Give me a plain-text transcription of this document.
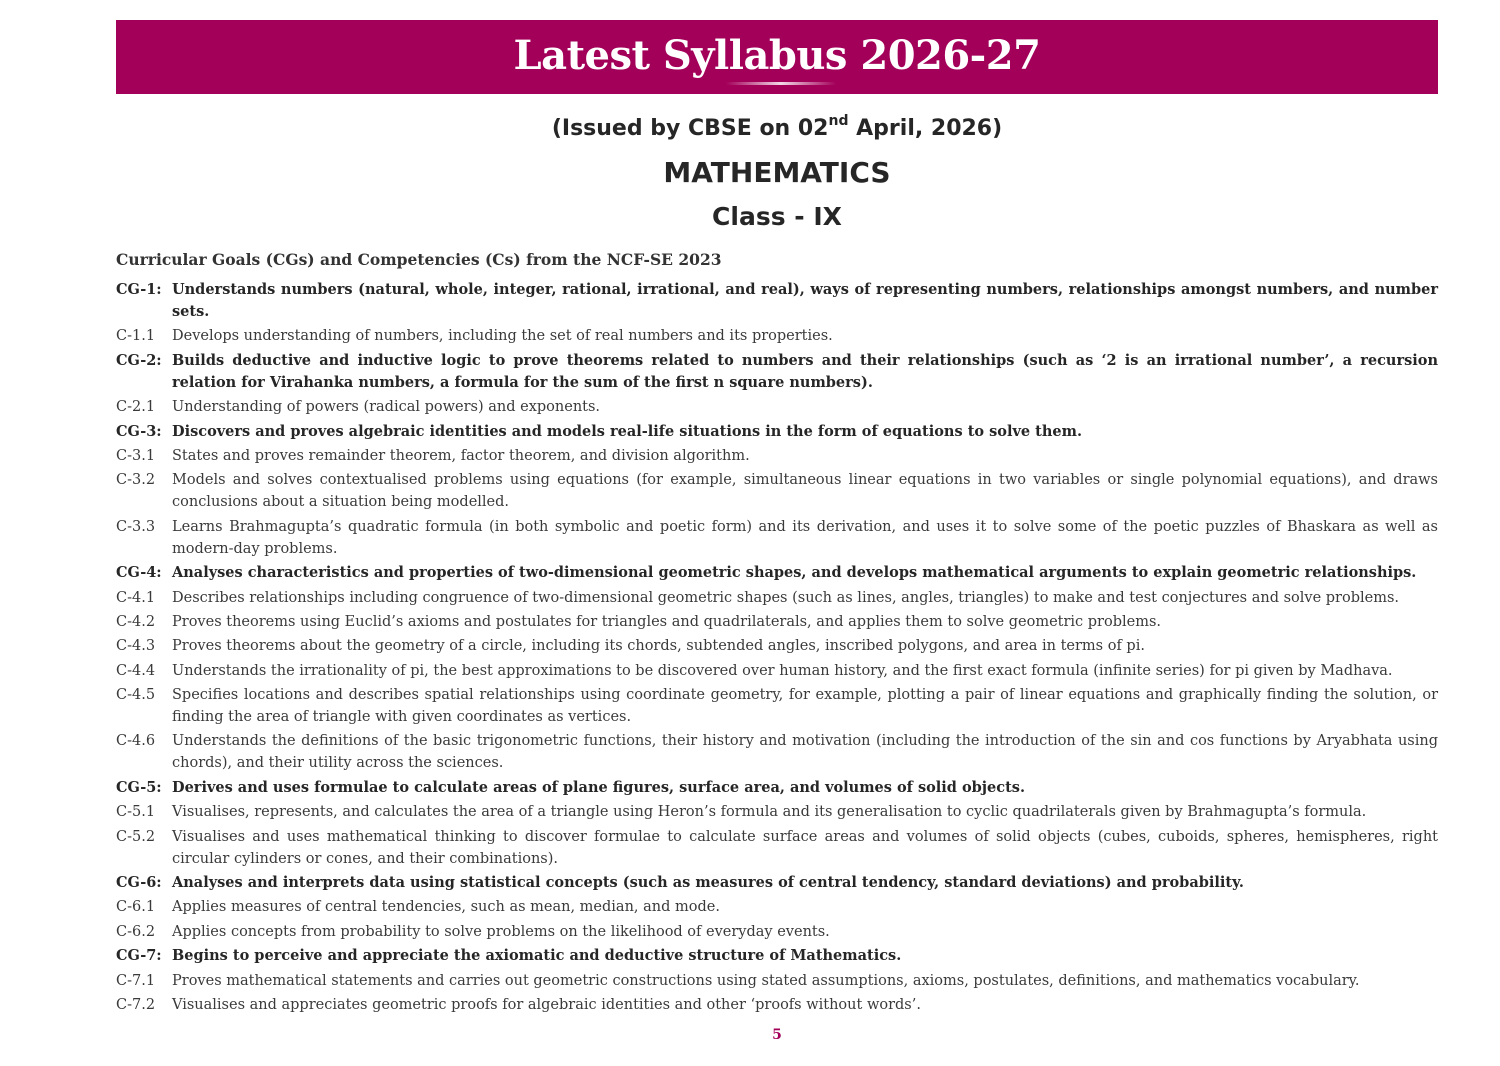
Latest Syllabus 2026-27
(Issued by CBSE on 02nd April, 2026)
MATHEMATICS
Class - IX
Curricular Goals (CGs) and Competencies (Cs) from the NCF-SE 2023
CG-1: Understands numbers (natural, whole, integer, rational, irrational, and real), ways of representing numbers, relationships amongst numbers, and number sets.
C-1.1	Develops understanding of numbers, including the set of real numbers and its properties.
CG-2: Builds deductive and inductive logic to prove theorems related to numbers and their relationships (such as ‘2 is an irrational number’, a recursion relation for Virahanka numbers, a formula for the sum of the first n square numbers).
C-2.1	Understanding of powers (radical powers) and exponents.
CG-3: Discovers and proves algebraic identities and models real-life situations in the form of equations to solve them.
C-3.1	States and proves remainder theorem, factor theorem, and division algorithm.
C-3.2	Models and solves contextualised problems using equations (for example, simultaneous linear equations in two variables or single polynomial equations), and draws conclusions about a situation being modelled.
C-3.3	Learns Brahmagupta’s quadratic formula (in both symbolic and poetic form) and its derivation, and uses it to solve some of the poetic puzzles of Bhaskara as well as modern-day problems.
CG-4: Analyses characteristics and properties of two-dimensional geometric shapes, and develops mathematical arguments to explain geometric relationships.
C-4.1	Describes relationships including congruence of two-dimensional geometric shapes (such as lines, angles, triangles) to make and test conjectures and solve problems.
C-4.2	Proves theorems using Euclid’s axioms and postulates for triangles and quadrilaterals, and applies them to solve geometric problems.
C-4.3	Proves theorems about the geometry of a circle, including its chords, subtended angles, inscribed polygons, and area in terms of pi.
C-4.4	Understands the irrationality of pi, the best approximations to be discovered over human history, and the first exact formula (infinite series) for pi given by Madhava.
C-4.5	Specifies locations and describes spatial relationships using coordinate geometry, for example, plotting a pair of linear equations and graphically finding the solution, or finding the area of triangle with given coordinates as vertices.
C-4.6	Understands the definitions of the basic trigonometric functions, their history and motivation (including the introduction of the sin and cos functions by Aryabhata using chords), and their utility across the sciences.
CG-5: Derives and uses formulae to calculate areas of plane figures, surface area, and volumes of solid objects.
C-5.1	Visualises, represents, and calculates the area of a triangle using Heron’s formula and its generalisation to cyclic quadrilaterals given by Brahmagupta’s formula.
C-5.2	Visualises and uses mathematical thinking to discover formulae to calculate surface areas and volumes of solid objects (cubes, cuboids, spheres, hemispheres, right circular cylinders or cones, and their combinations).
CG-6: Analyses and interprets data using statistical concepts (such as measures of central tendency, standard deviations) and probability.
C-6.1	Applies measures of central tendencies, such as mean, median, and mode.
C-6.2	Applies concepts from probability to solve problems on the likelihood of everyday events.
CG-7: Begins to perceive and appreciate the axiomatic and deductive structure of Mathematics.
C-7.1	Proves mathematical statements and carries out geometric constructions using stated assumptions, axioms, postulates, definitions, and mathematics vocabulary.
C-7.2	Visualises and appreciates geometric proofs for algebraic identities and other ‘proofs without words’.
5
